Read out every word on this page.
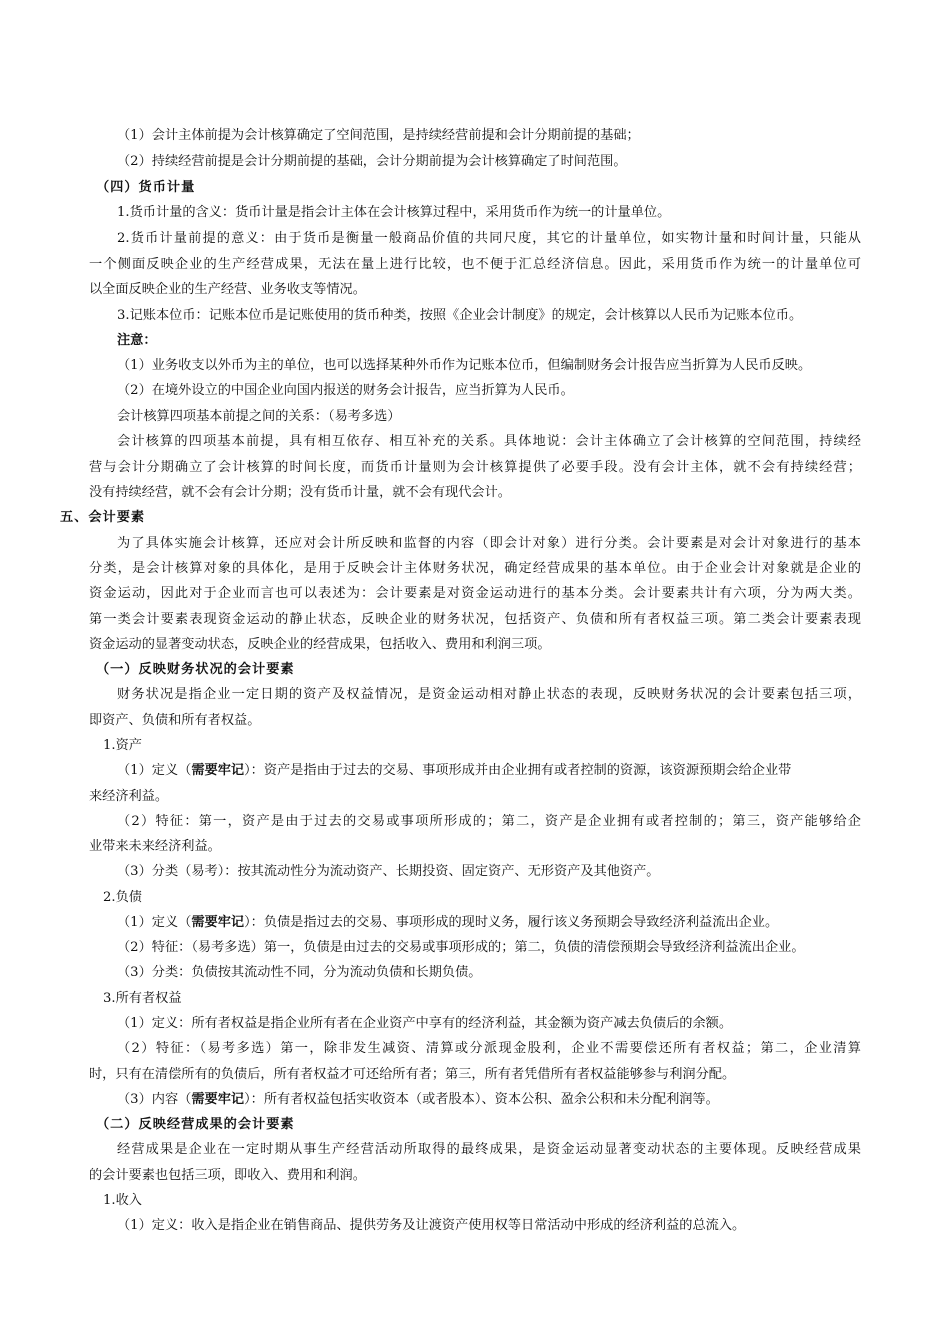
（1）会计主体前提为会计核算确定了空间范围，是持续经营前提和会计分期前提的基础；
（2）持续经营前提是会计分期前提的基础，会计分期前提为会计核算确定了时间范围。
（四）货币计量
1.货币计量的含义：货币计量是指会计主体在会计核算过程中，采用货币作为统一的计量单位。
2.货币计量前提的意义：由于货币是衡量一般商品价值的共同尺度，其它的计量单位，如实物计量和时间计量，只能从
一个侧面反映企业的生产经营成果，无法在量上进行比较，也不便于汇总经济信息。因此，采用货币作为统一的计量单位可
以全面反映企业的生产经营、业务收支等情况。
3.记账本位币：记账本位币是记账使用的货币种类，按照《企业会计制度》的规定，会计核算以人民币为记账本位币。
注意：
（1）业务收支以外币为主的单位，也可以选择某种外币作为记账本位币，但编制财务会计报告应当折算为人民币反映。
（2）在境外设立的中国企业向国内报送的财务会计报告，应当折算为人民币。
会计核算四项基本前提之间的关系：（易考多选）
会计核算的四项基本前提，具有相互依存、相互补充的关系。具体地说：会计主体确立了会计核算的空间范围，持续经
营与会计分期确立了会计核算的时间长度，而货币计量则为会计核算提供了必要手段。没有会计主体，就不会有持续经营；
没有持续经营，就不会有会计分期；没有货币计量，就不会有现代会计。
五、会计要素
为了具体实施会计核算，还应对会计所反映和监督的内容（即会计对象）进行分类。会计要素是对会计对象进行的基本
分类，是会计核算对象的具体化，是用于反映会计主体财务状况，确定经营成果的基本单位。由于企业会计对象就是企业的
资金运动，因此对于企业而言也可以表述为：会计要素是对资金运动进行的基本分类。会计要素共计有六项，分为两大类。
第一类会计要素表现资金运动的静止状态，反映企业的财务状况，包括资产、负债和所有者权益三项。第二类会计要素表现
资金运动的显著变动状态，反映企业的经营成果，包括收入、费用和利润三项。
（一）反映财务状况的会计要素
财务状况是指企业一定日期的资产及权益情况，是资金运动相对静止状态的表现，反映财务状况的会计要素包括三项，
即资产、负债和所有者权益。
1.资产
（1）定义（需要牢记）：资产是指由于过去的交易、事项形成并由企业拥有或者控制的资源，该资源预期会给企业带
来经济利益。
（2）特征：第一，资产是由于过去的交易或事项所形成的；第二，资产是企业拥有或者控制的；第三，资产能够给企
业带来未来经济利益。
（3）分类（易考）：按其流动性分为流动资产、长期投资、固定资产、无形资产及其他资产。
2.负债
（1）定义（需要牢记）：负债是指过去的交易、事项形成的现时义务，履行该义务预期会导致经济利益流出企业。
（2）特征：（易考多选）第一，负债是由过去的交易或事项形成的；第二，负债的清偿预期会导致经济利益流出企业。
（3）分类：负债按其流动性不同，分为流动负债和长期负债。
3.所有者权益
（1）定义：所有者权益是指企业所有者在企业资产中享有的经济利益，其金额为资产减去负债后的余额。
（2）特征：（易考多选）第一，除非发生减资、清算或分派现金股利，企业不需要偿还所有者权益；第二，企业清算
时，只有在清偿所有的负债后，所有者权益才可还给所有者；第三，所有者凭借所有者权益能够参与利润分配。
（3）内容（需要牢记）：所有者权益包括实收资本（或者股本）、资本公积、盈余公积和未分配利润等。
（二）反映经营成果的会计要素
经营成果是企业在一定时期从事生产经营活动所取得的最终成果，是资金运动显著变动状态的主要体现。反映经营成果
的会计要素也包括三项，即收入、费用和利润。
1.收入
（1）定义：收入是指企业在销售商品、提供劳务及让渡资产使用权等日常活动中形成的经济利益的总流入。
